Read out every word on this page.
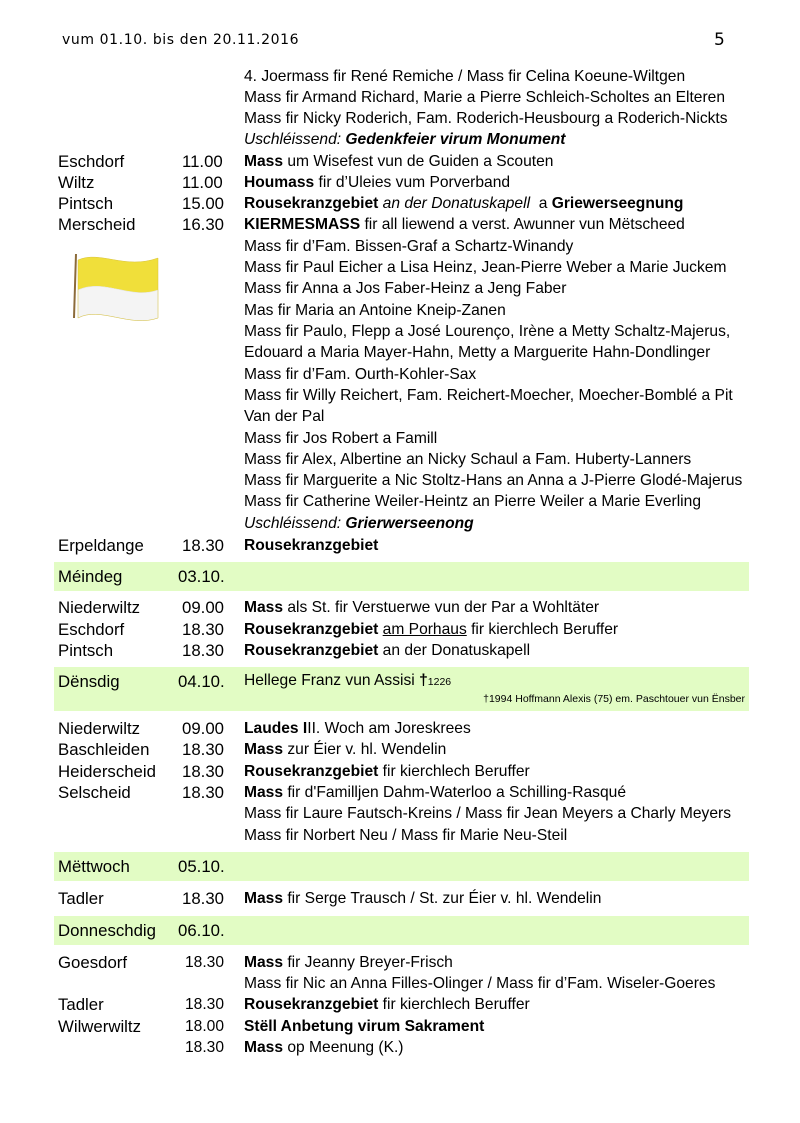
vum 01.10. bis den 20.11.2016	5
4. Joermass fir René Remiche / Mass fir Celina Koeune-Wiltgen
Mass fir Armand Richard, Marie a Pierre Schleich-Scholtes an Elteren
Mass fir Nicky Roderich, Fam. Roderich-Heusbourg a Roderich-Nickts
Uschléissend: Gedenkfeier virum Monument
Eschdorf	11.00 Mass um Wisefest vun de Guiden a Scouten
Wiltz	11.00 Houmass fir d’Uleies vum Porverband
Pintsch	15.00 Rousekranzgebiet an der Donatuskapell  a Griewerseegnung
Merscheid	16.30 KIERMESMASS fir all liewend a verst. Awunner vun Mëtscheed
Mass fir d’Fam. Bissen-Graf a Schartz-Winandy
Mass fir Paul Eicher a Lisa Heinz, Jean-Pierre Weber a Marie Juckem
Mass fir Anna a Jos Faber-Heinz a Jeng Faber
Mas fir Maria an Antoine Kneip-Zanen
Mass fir Paulo, Flepp a José Lourenço, Irène a Metty Schaltz-Majerus,
Edouard a Maria Mayer-Hahn, Metty a Marguerite Hahn-Dondlinger
Mass fir d’Fam. Ourth-Kohler-Sax
Mass fir Willy Reichert, Fam. Reichert-Moecher, Moecher-Bomblé a Pit
Van der Pal
Mass fir Jos Robert a Famill
Mass fir Alex, Albertine an Nicky Schaul a Fam. Huberty-Lanners
Mass fir Marguerite a Nic Stoltz-Hans an Anna a J-Pierre Glodé-Majerus
Mass fir Catherine Weiler-Heintz an Pierre Weiler a Marie Everling
Uschléissend: Grierwerseenong
Erpeldange 18.30 Rousekranzgebiet
Méindeg	03.10.
Niederwiltz 09.00 Mass als St. fir Verstuerwe vun der Par a Wohltäter
Eschdorf	18.30 Rousekranzgebiet am Porhaus fir kierchlech Beruffer
Pintsch	18.30 Rousekranzgebiet an der Donatuskapell
Dënsdig	04.10. Hellege Franz vun Assisi †1226
†1994 Hoffmann Alexis (75) em. Paschtouer vun Ënsber
Niederwiltz 09.00 Laudes III. Woch am Joreskrees
Baschleiden 18.30 Mass zur Éier v. hl. Wendelin
Heiderscheid 18.30 Rousekranzgebiet fir kierchlech Beruffer
Selscheid	18.30 Mass fir d'Familljen Dahm-Waterloo a Schilling-Rasqué
Mass fir Laure Fautsch-Kreins / Mass fir Jean Meyers a Charly Meyers
Mass fir Norbert Neu / Mass fir Marie Neu-Steil
Mëttwoch	05.10.
Tadler	18.30 Mass fir Serge Trausch / St. zur Éier v. hl. Wendelin
Donneschdig 06.10.
Goesdorf	18.30 Mass fir Jeanny Breyer-Frisch
Mass fir Nic an Anna Filles-Olinger / Mass fir d’Fam. Wiseler-Goeres
Tadler	18.30 Rousekranzgebiet fir kierchlech Beruffer
Wilwerwiltz	18.00 Stëll Anbetung virum Sakrament
18.30 Mass op Meenung (K.)
